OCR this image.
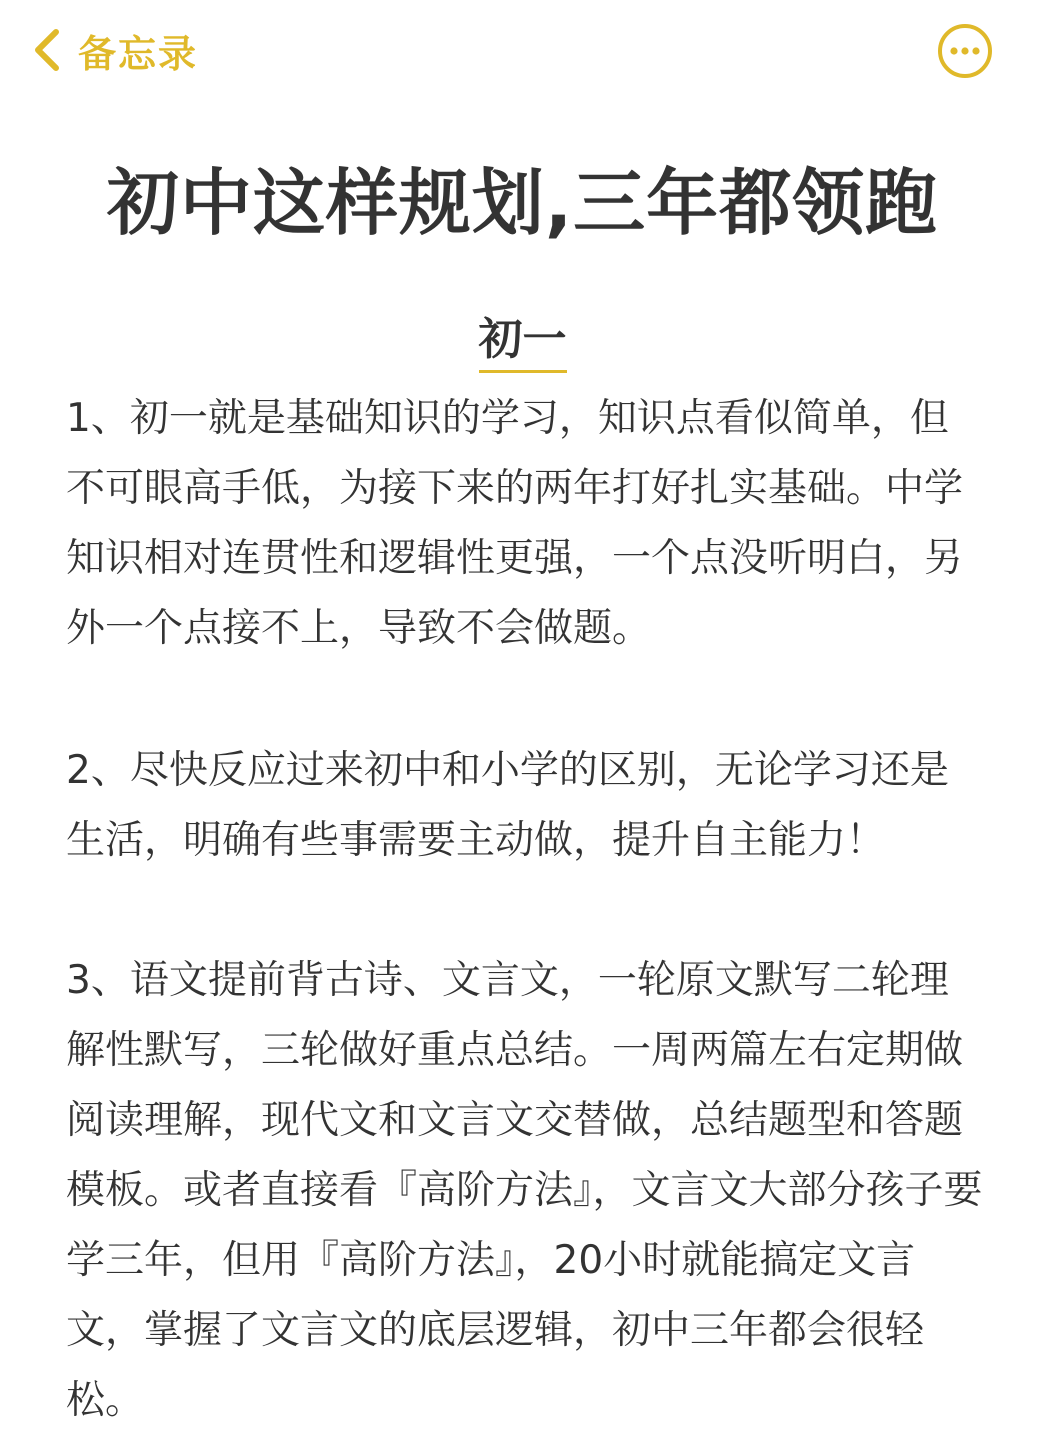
备忘录
初中这样规划,三年都领跑
初一

1、初一就是基础知识的学习，知识点看似简单，但不可眼高手低，为接下来的两年打好扎实基础。中学知识相对连贯性和逻辑性更强，一个点没听明白，另外一个点接不上，导致不会做题。

2、尽快反应过来初中和小学的区别，无论学习还是生活，明确有些事需要主动做，提升自主能力！

3、语文提前背古诗、文言文，一轮原文默写二轮理解性默写，三轮做好重点总结。一周两篇左右定期做阅读理解，现代文和文言文交替做，总结题型和答题模板。或者直接看『高阶方法』，文言文大部分孩子要学三年，但用『高阶方法』，20小时就能搞定文言文，掌握了文言文的底层逻辑，初中三年都会很轻松。
